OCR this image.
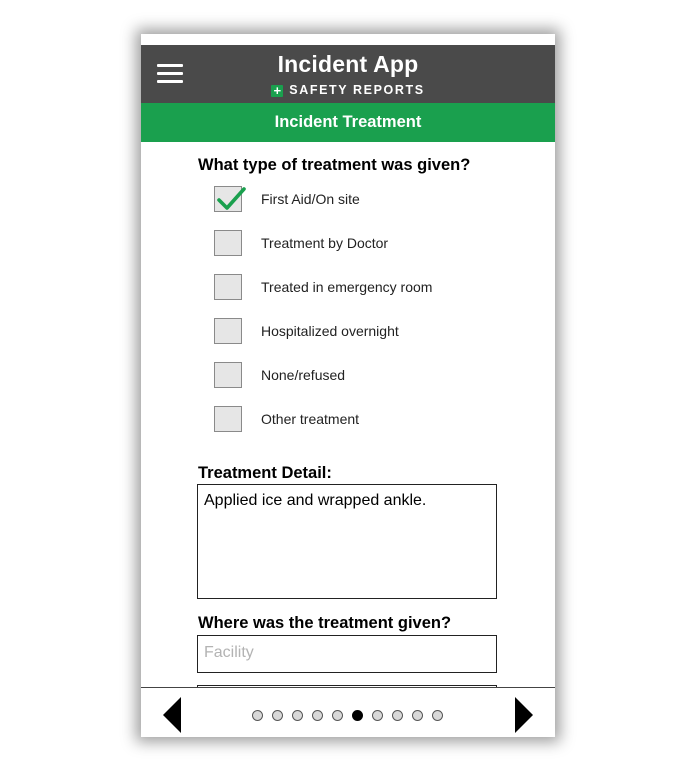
Incident App
+ SAFETY REPORTS
Incident Treatment
What type of treatment was given?
First Aid/On site
Treatment by Doctor
Treated in emergency room
Hospitalized overnight
None/refused
Other treatment
Treatment Detail:
Applied ice and wrapped ankle.
Where was the treatment given?
Facility
